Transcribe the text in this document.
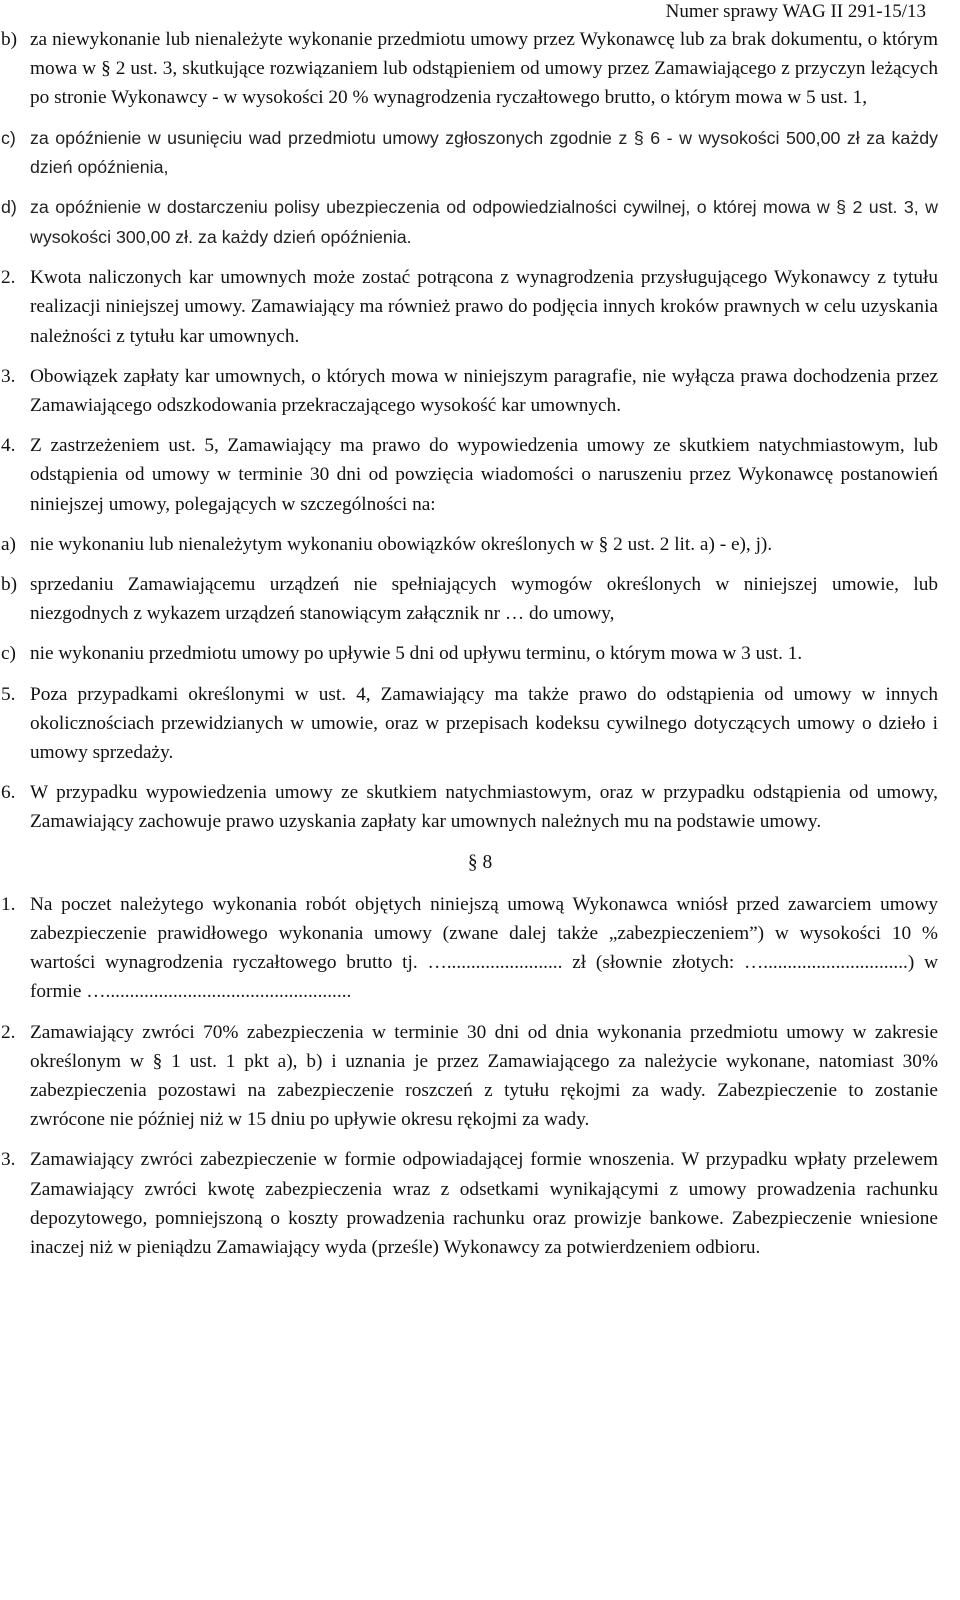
Numer sprawy WAG II 291-15/13
b) za niewykonanie lub nienależyte wykonanie przedmiotu umowy przez Wykonawcę lub za brak dokumentu, o którym mowa w § 2 ust. 3, skutkujące rozwiązaniem lub odstąpieniem od umowy przez Zamawiającego z przyczyn leżących po stronie Wykonawcy - w wysokości 20 % wynagrodzenia ryczałtowego brutto, o którym mowa w 5 ust. 1,
c) za opóźnienie w usunięciu wad przedmiotu umowy zgłoszonych zgodnie z § 6 - w wysokości 500,00 zł za każdy dzień opóźnienia,
d) za opóźnienie w dostarczeniu polisy ubezpieczenia od odpowiedzialności cywilnej, o której mowa w § 2 ust. 3, w wysokości 300,00 zł. za każdy dzień opóźnienia.
2. Kwota naliczonych kar umownych może zostać potrącona z wynagrodzenia przysługującego Wykonawcy z tytułu realizacji niniejszej umowy. Zamawiający ma również prawo do podjęcia innych kroków prawnych w celu uzyskania należności z tytułu kar umownych.
3. Obowiązek zapłaty kar umownych, o których mowa w niniejszym paragrafie, nie wyłącza prawa dochodzenia przez Zamawiającego odszkodowania przekraczającego wysokość kar umownych.
4. Z zastrzeżeniem ust. 5, Zamawiający ma prawo do wypowiedzenia umowy ze skutkiem natychmiastowym, lub odstąpienia od umowy w terminie 30 dni od powzięcia wiadomości o naruszeniu przez Wykonawcę postanowień niniejszej umowy, polegających w szczególności na:
a) nie wykonaniu lub nienależytym wykonaniu obowiązków określonych w § 2 ust. 2 lit. a) - e), j).
b) sprzedaniu Zamawiającemu urządzeń nie spełniających wymogów określonych w niniejszej umowie, lub niezgodnych z wykazem urządzeń stanowiącym załącznik nr … do umowy,
c) nie wykonaniu przedmiotu umowy po upływie 5 dni od upływu terminu, o którym mowa w 3 ust. 1.
5. Poza przypadkami określonymi w ust. 4, Zamawiający ma także prawo do odstąpienia od umowy w innych okolicznościach przewidzianych w umowie, oraz w przepisach kodeksu cywilnego dotyczących umowy o dzieło i umowy sprzedaży.
6. W przypadku wypowiedzenia umowy ze skutkiem natychmiastowym, oraz w przypadku odstąpienia od umowy, Zamawiający zachowuje prawo uzyskania zapłaty kar umownych należnych mu na podstawie umowy.
§ 8
1. Na poczet należytego wykonania robót objętych niniejszą umową Wykonawca wniósł przed zawarciem umowy zabezpieczenie prawidłowego wykonania umowy (zwane dalej także „zabezpieczeniem”) w wysokości 10 % wartości wynagrodzenia ryczałtowego brutto tj. …........................ zł (słownie złotych: …..............................) w formie …...................................................
2. Zamawiający zwróci 70% zabezpieczenia w terminie 30 dni od dnia wykonania przedmiotu umowy w zakresie określonym w § 1 ust. 1 pkt a), b) i uznania je przez Zamawiającego za należycie wykonane, natomiast 30% zabezpieczenia pozostawi na zabezpieczenie roszczeń z tytułu rękojmi za wady. Zabezpieczenie to zostanie zwrócone nie później niż w 15 dniu po upływie okresu rękojmi za wady.
3. Zamawiający zwróci zabezpieczenie w formie odpowiadającej formie wnoszenia. W przypadku wpłaty przelewem Zamawiający zwróci kwotę zabezpieczenia wraz z odsetkami wynikającymi z umowy prowadzenia rachunku depozytowego, pomniejszoną o koszty prowadzenia rachunku oraz prowizje bankowe. Zabezpieczenie wniesione inaczej niż w pieniądzu Zamawiający wyda (prześle) Wykonawcy za potwierdzeniem odbioru.
